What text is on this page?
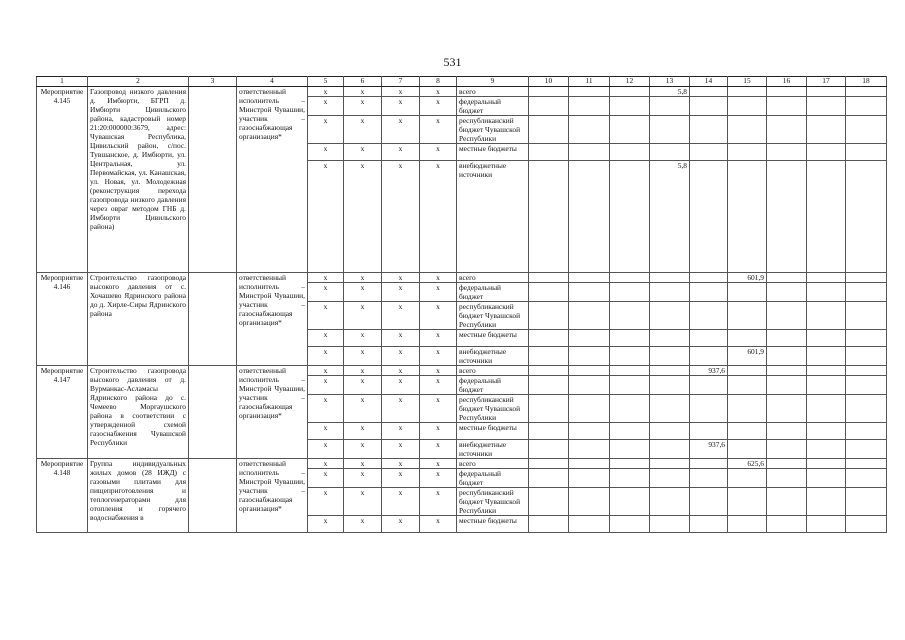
531
1	2	3	4	5	6	7	8	9	10	11	12	13	14	15	16	17	18
Мероприятие 4.145	Газопровод низкого давления д. Имбюрти, БГРП д. Имбюрти Цивильского района, кадастровый номер 21:20:000000:3679, адрес: Чувашская Республика, Цивильский район, с/пос. Тувшанское, д. Имбюрти, ул. Центральная, ул. Первомайская, ул. Канашская, ул. Новая, ул. Молодежная (реконструкция перехода газопровода низкого давления через овраг методом ГНБ д. Имбюрти Цивильского района)		ответственный исполнитель – Минстрой Чувашии, участник – газоснабжающая организация*	x	x	x	x	всего				5,8					
				x	x	x	x	федеральный бюджет									
				x	x	x	x	республиканский бюджет Чувашской Республики									
				x	x	x	x	местные бюджеты									
				x	x	x	x	внебюджетные источники				5,8					
Мероприятие 4.146	Строительство газопровода высокого давления от с. Хочашево Ядринского района до д. Хирле-Сиры Ядринского района		ответственный исполнитель – Минстрой Чувашии, участник – газоснабжающая организация*	x	x	x	x	всего						601,9			
				x	x	x	x	федеральный бюджет									
				x	x	x	x	республиканский бюджет Чувашской Республики									
				x	x	x	x	местные бюджеты									
				x	x	x	x	внебюджетные источники						601,9			
Мероприятие 4.147	Строительство газопровода высокого давления от д. Вурманкас-Асламасы Ядринского района до с. Чемеево Моргаушского района в соответствии с утвержденной схемой газоснабжения Чувашской Республики		ответственный исполнитель – Минстрой Чувашии, участник – газоснабжающая организация*	x	x	x	x	всего					937,6				
				x	x	x	x	федеральный бюджет									
				x	x	x	x	республиканский бюджет Чувашской Республики									
				x	x	x	x	местные бюджеты									
				x	x	x	x	внебюджетные источники					937,6				
Мероприятие 4.148	Группа индивидуальных жилых домов (28 ИЖД) с газовыми плитами для пищеприготовления и теплогенераторами для отопления и горячего водоснабжения в		ответственный исполнитель – Минстрой Чувашии, участник – газоснабжающая организация*	x	x	x	x	всего						625,6			
				x	x	x	x	федеральный бюджет									
				x	x	x	x	республиканский бюджет Чувашской Республики									
				x	x	x	x	местные бюджеты									
